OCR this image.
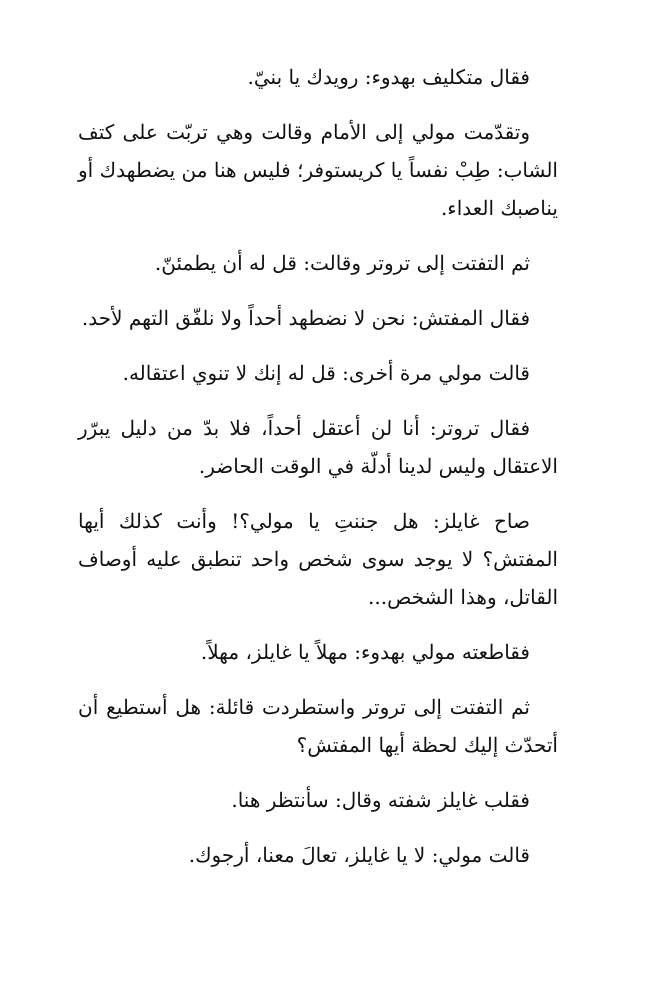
فقال متكليف بهدوء: رويدك يا بنيّ.

وتقدّمت مولي إلى الأمام وقالت وهي تربّت على كتف الشاب: طِبْ نفساً يا كريستوفر؛ فليس هنا من يضطهدك أو يناصبك العداء.

ثم التفتت إلى تروتر وقالت: قل له أن يطمئنّ.

فقال المفتش: نحن لا نضطهد أحداً ولا نلفّق التهم لأحد.

قالت مولي مرة أخرى: قل له إنك لا تنوي اعتقاله.

فقال تروتر: أنا لن أعتقل أحداً، فلا بدّ من دليل يبرّر الاعتقال وليس لدينا أدلّة في الوقت الحاضر.

صاح غايلز: هل جننتِ يا مولي؟! وأنت كذلك أيها المفتش؟ لا يوجد سوى شخص واحد تنطبق عليه أوصاف القاتل، وهذا الشخص...

فقاطعته مولي بهدوء: مهلاً يا غايلز، مهلاً.

ثم التفتت إلى تروتر واستطردت قائلة: هل أستطيع أن أتحدّث إليك لحظة أيها المفتش؟

فقلب غايلز شفته وقال: سأنتظر هنا.

قالت مولي: لا يا غايلز، تعالَ معنا، أرجوك.
